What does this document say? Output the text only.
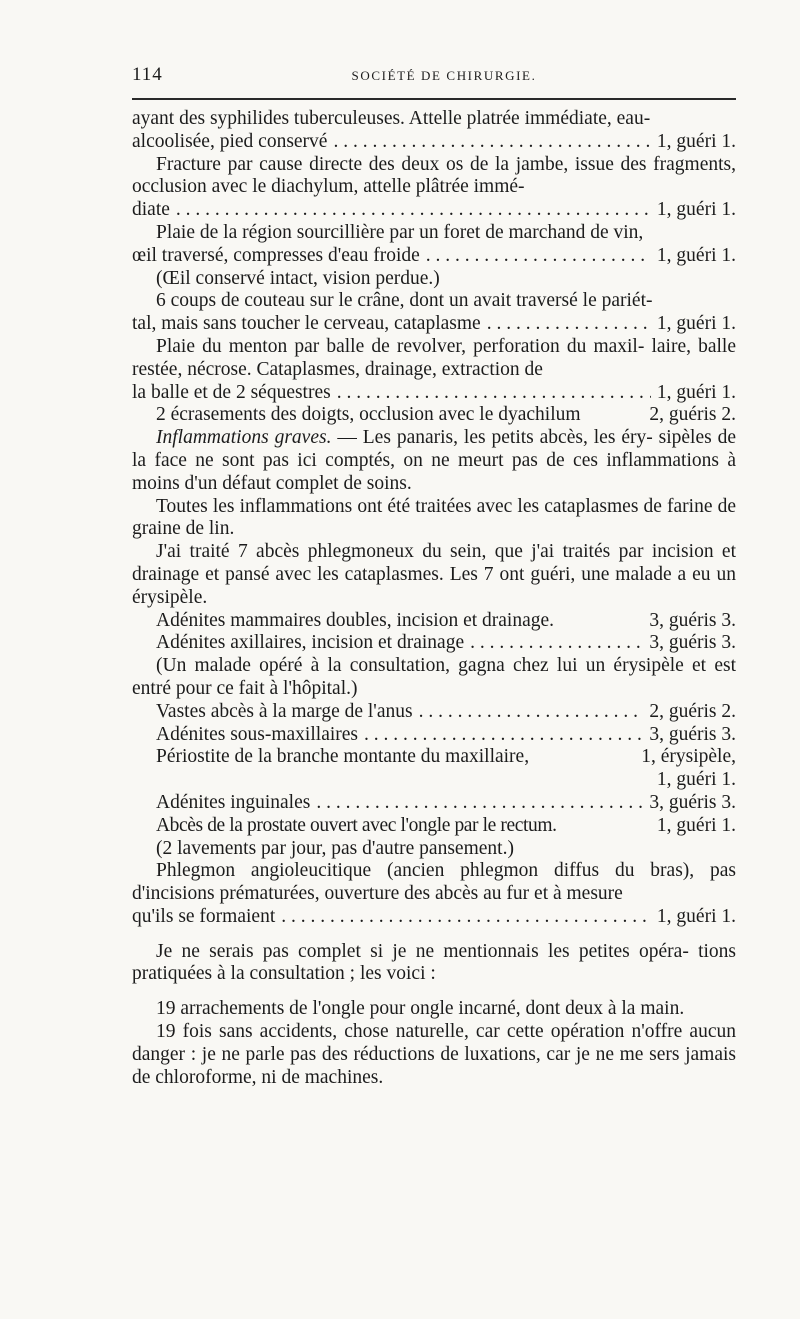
114	SOCIÉTÉ DE CHIRURGIE.
ayant des syphilides tuberculeuses. Attelle platrée immédiate, eau-
alcoolisée, pied conservé . . .	1, guéri 1.
Fracture par cause directe des deux os de la jambe, issue des fragments, occlusion avec le diachylum, attelle plâtrée immé-
diate . . .	1, guéri 1.
Plaie de la région sourcillière par un foret de marchand de vin,
œil traversé, compresses d'eau froide . . .	1, guéri 1.
(Œil conservé intact, vision perdue.)
6 coups de couteau sur le crâne, dont un avait traversé le pariét-
tal, mais sans toucher le cerveau, cataplasme . . .	1, guéri 1.
Plaie du menton par balle de revolver, perforation du maxil- laire, balle restée, nécrose. Cataplasmes, drainage, extraction de
la balle et de 2 séquestres . . .	1, guéri 1.
2 écrasements des doigts, occlusion avec le dyachilum	2, guéris 2.
Inflammations graves. — Les panaris, les petits abcès, les éry- sipèles de la face ne sont pas ici comptés, on ne meurt pas de ces inflammations à moins d'un défaut complet de soins.
Toutes les inflammations ont été traitées avec les cataplasmes de farine de graine de lin.
J'ai traité 7 abcès phlegmoneux du sein, que j'ai traités par incision et drainage et pansé avec les cataplasmes. Les 7 ont guéri, une malade a eu un érysipèle.
Adénites mammaires doubles, incision et drainage.	3, guéris 3.
Adénites axillaires, incision et drainage . . .	3, guéris 3.
(Un malade opéré à la consultation, gagna chez lui un érysipèle et est entré pour ce fait à l'hôpital.)
Vastes abcès à la marge de l'anus . . .	2, guéris 2.
Adénites sous-maxillaires . . .	3, guéris 3.
Périostite de la branche montante du maxillaire,	1, érysipèle,
1, guéri 1.
Adénites inguinales . . .	3, guéris 3.
Abcès de la prostate ouvert avec l'ongle par le rectum.	1, guéri 1.
(2 lavements par jour, pas d'autre pansement.)
Phlegmon angioleucitique (ancien phlegmon diffus du bras), pas d'incisions prématurées, ouverture des abcès au fur et à mesure
qu'ils se formaient . . .	1, guéri 1.
Je ne serais pas complet si je ne mentionnais les petites opéra- tions pratiquées à la consultation ; les voici :
19 arrachements de l'ongle pour ongle incarné, dont deux à la main.
19 fois sans accidents, chose naturelle, car cette opération n'offre aucun danger : je ne parle pas des réductions de luxations, car je ne me sers jamais de chloroforme, ni de machines.
